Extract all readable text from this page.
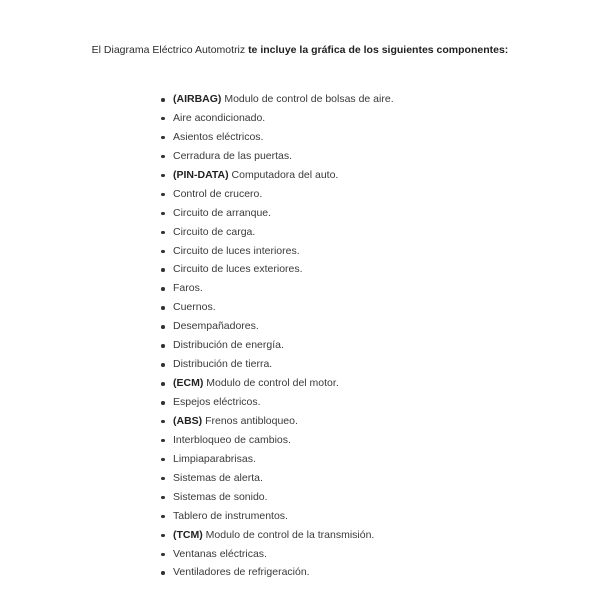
El Diagrama Eléctrico Automotriz te incluye la gráfica de los siguientes componentes:
(AIRBAG) Modulo de control de bolsas de aire.
Aire acondicionado.
Asientos eléctricos.
Cerradura de las puertas.
(PIN-DATA) Computadora del auto.
Control de crucero.
Circuito de arranque.
Circuito de carga.
Circuito de luces interiores.
Circuito de luces exteriores.
Faros.
Cuernos.
Desempañadores.
Distribución de energía.
Distribución de tierra.
(ECM) Modulo de control del motor.
Espejos eléctricos.
(ABS) Frenos antibloqueo.
Interbloqueo de cambios.
Limpiaparabrisas.
Sistemas de alerta.
Sistemas de sonido.
Tablero de instrumentos.
(TCM) Modulo de control de la transmisión.
Ventanas eléctricas.
Ventiladores de refrigeración.
